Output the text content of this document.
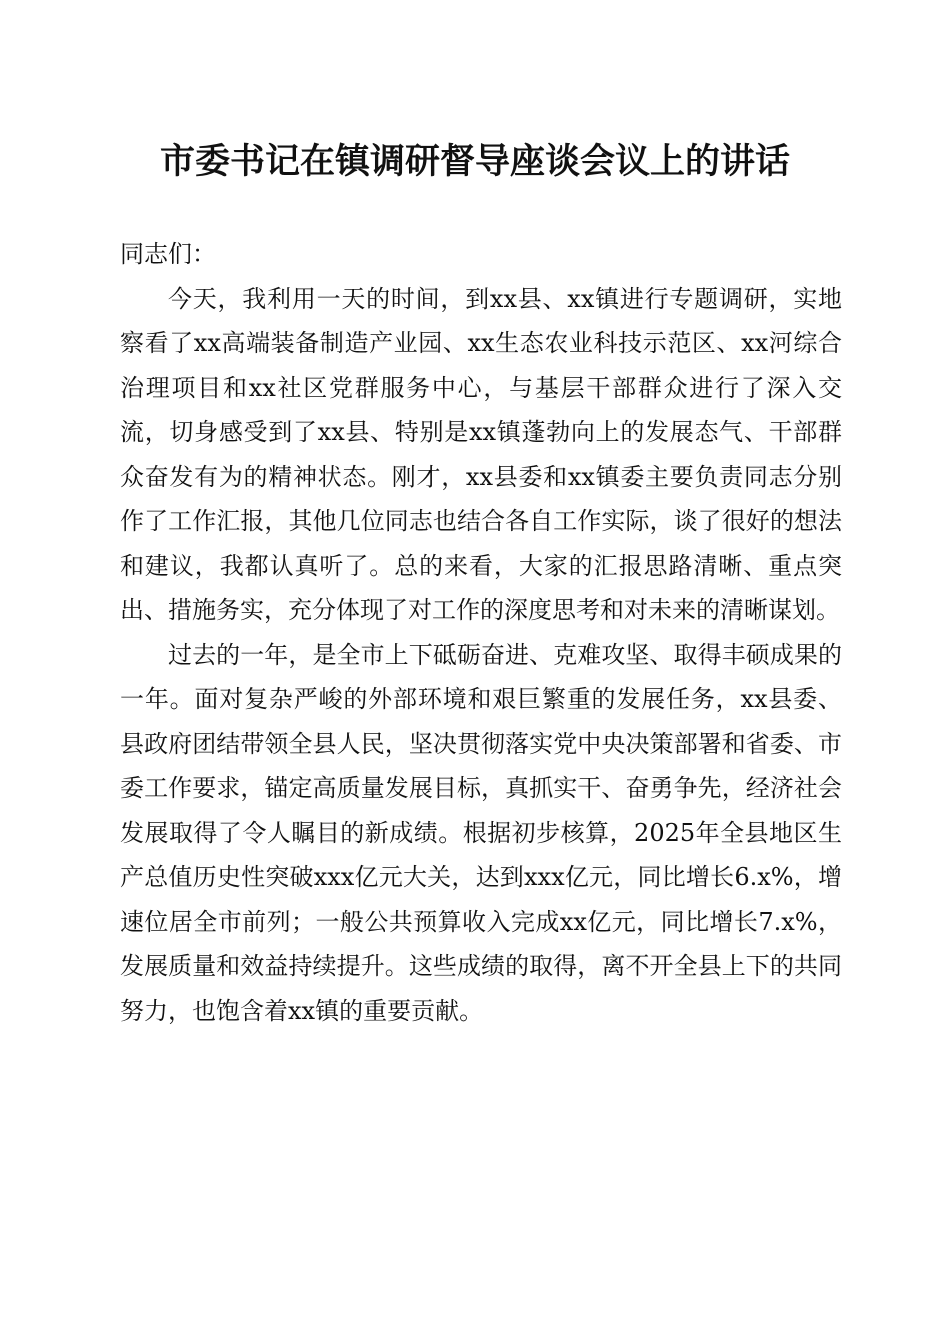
市委书记在镇调研督导座谈会议上的讲话

同志们：

今天，我利用一天的时间，到xx县、xx镇进行专题调研，实地察看了xx高端装备制造产业园、xx生态农业科技示范区、xx河综合治理项目和xx社区党群服务中心，与基层干部群众进行了深入交流，切身感受到了xx县、特别是xx镇蓬勃向上的发展态气、干部群众奋发有为的精神状态。刚才，xx县委和xx镇委主要负责同志分别作了工作汇报，其他几位同志也结合各自工作实际，谈了很好的想法和建议，我都认真听了。总的来看，大家的汇报思路清晰、重点突出、措施务实，充分体现了对工作的深度思考和对未来的清晰谋划。

过去的一年，是全市上下砥砺奋进、克难攻坚、取得丰硕成果的一年。面对复杂严峻的外部环境和艰巨繁重的发展任务，xx县委、县政府团结带领全县人民，坚决贯彻落实党中央决策部署和省委、市委工作要求，锚定高质量发展目标，真抓实干、奋勇争先，经济社会发展取得了令人瞩目的新成绩。根据初步核算，2025年全县地区生产总值历史性突破xxx亿元大关，达到xxx亿元，同比增长6.x%，增速位居全市前列；一般公共预算收入完成xx亿元，同比增长7.x%，发展质量和效益持续提升。这些成绩的取得，离不开全县上下的共同努力，也饱含着xx镇的重要贡献。
